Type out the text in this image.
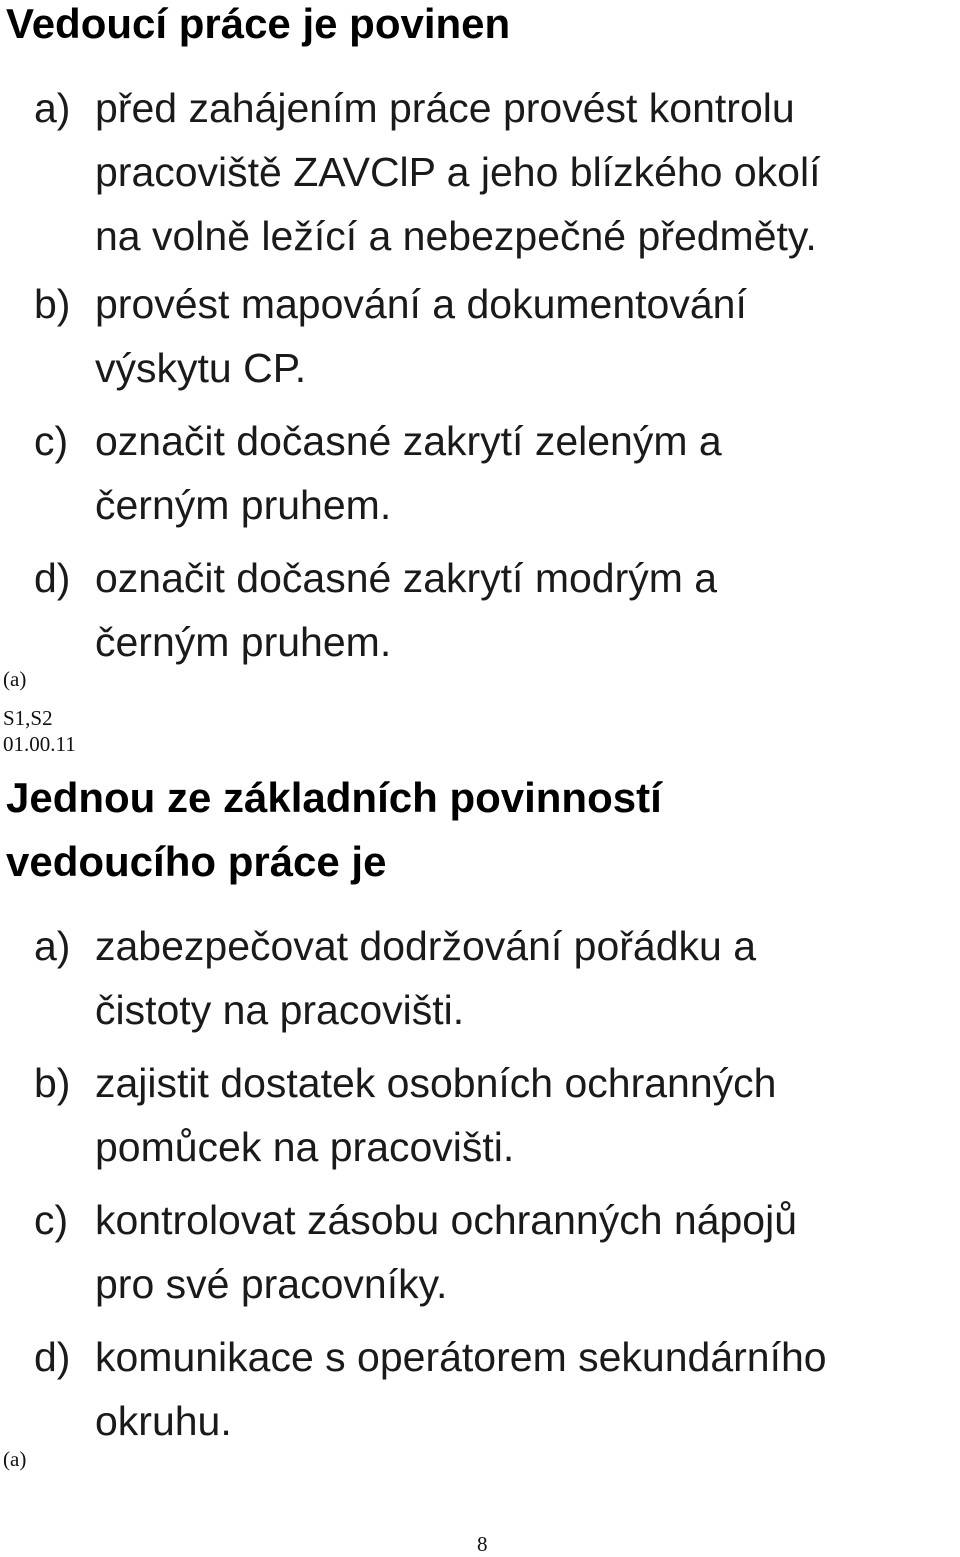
Vedoucí práce je povinen
a) před zahájením práce provést kontrolu
pracoviště ZAVClP a jeho blízkého okolí
na volně ležící a nebezpečné předměty.
b) provést mapování a dokumentování
výskytu CP.
c) označit dočasné zakrytí zeleným a
černým pruhem.
d) označit dočasné zakrytí modrým a
černým pruhem.
(a)
S1,S2
01.00.11
Jednou ze základních povinností
vedoucího práce je
a) zabezpečovat dodržování pořádku a
čistoty na pracovišti.
b) zajistit dostatek osobních ochranných
pomůcek na pracovišti.
c) kontrolovat zásobu ochranných nápojů
pro své pracovníky.
d) komunikace s operátorem sekundárního
okruhu.
(a)
8
